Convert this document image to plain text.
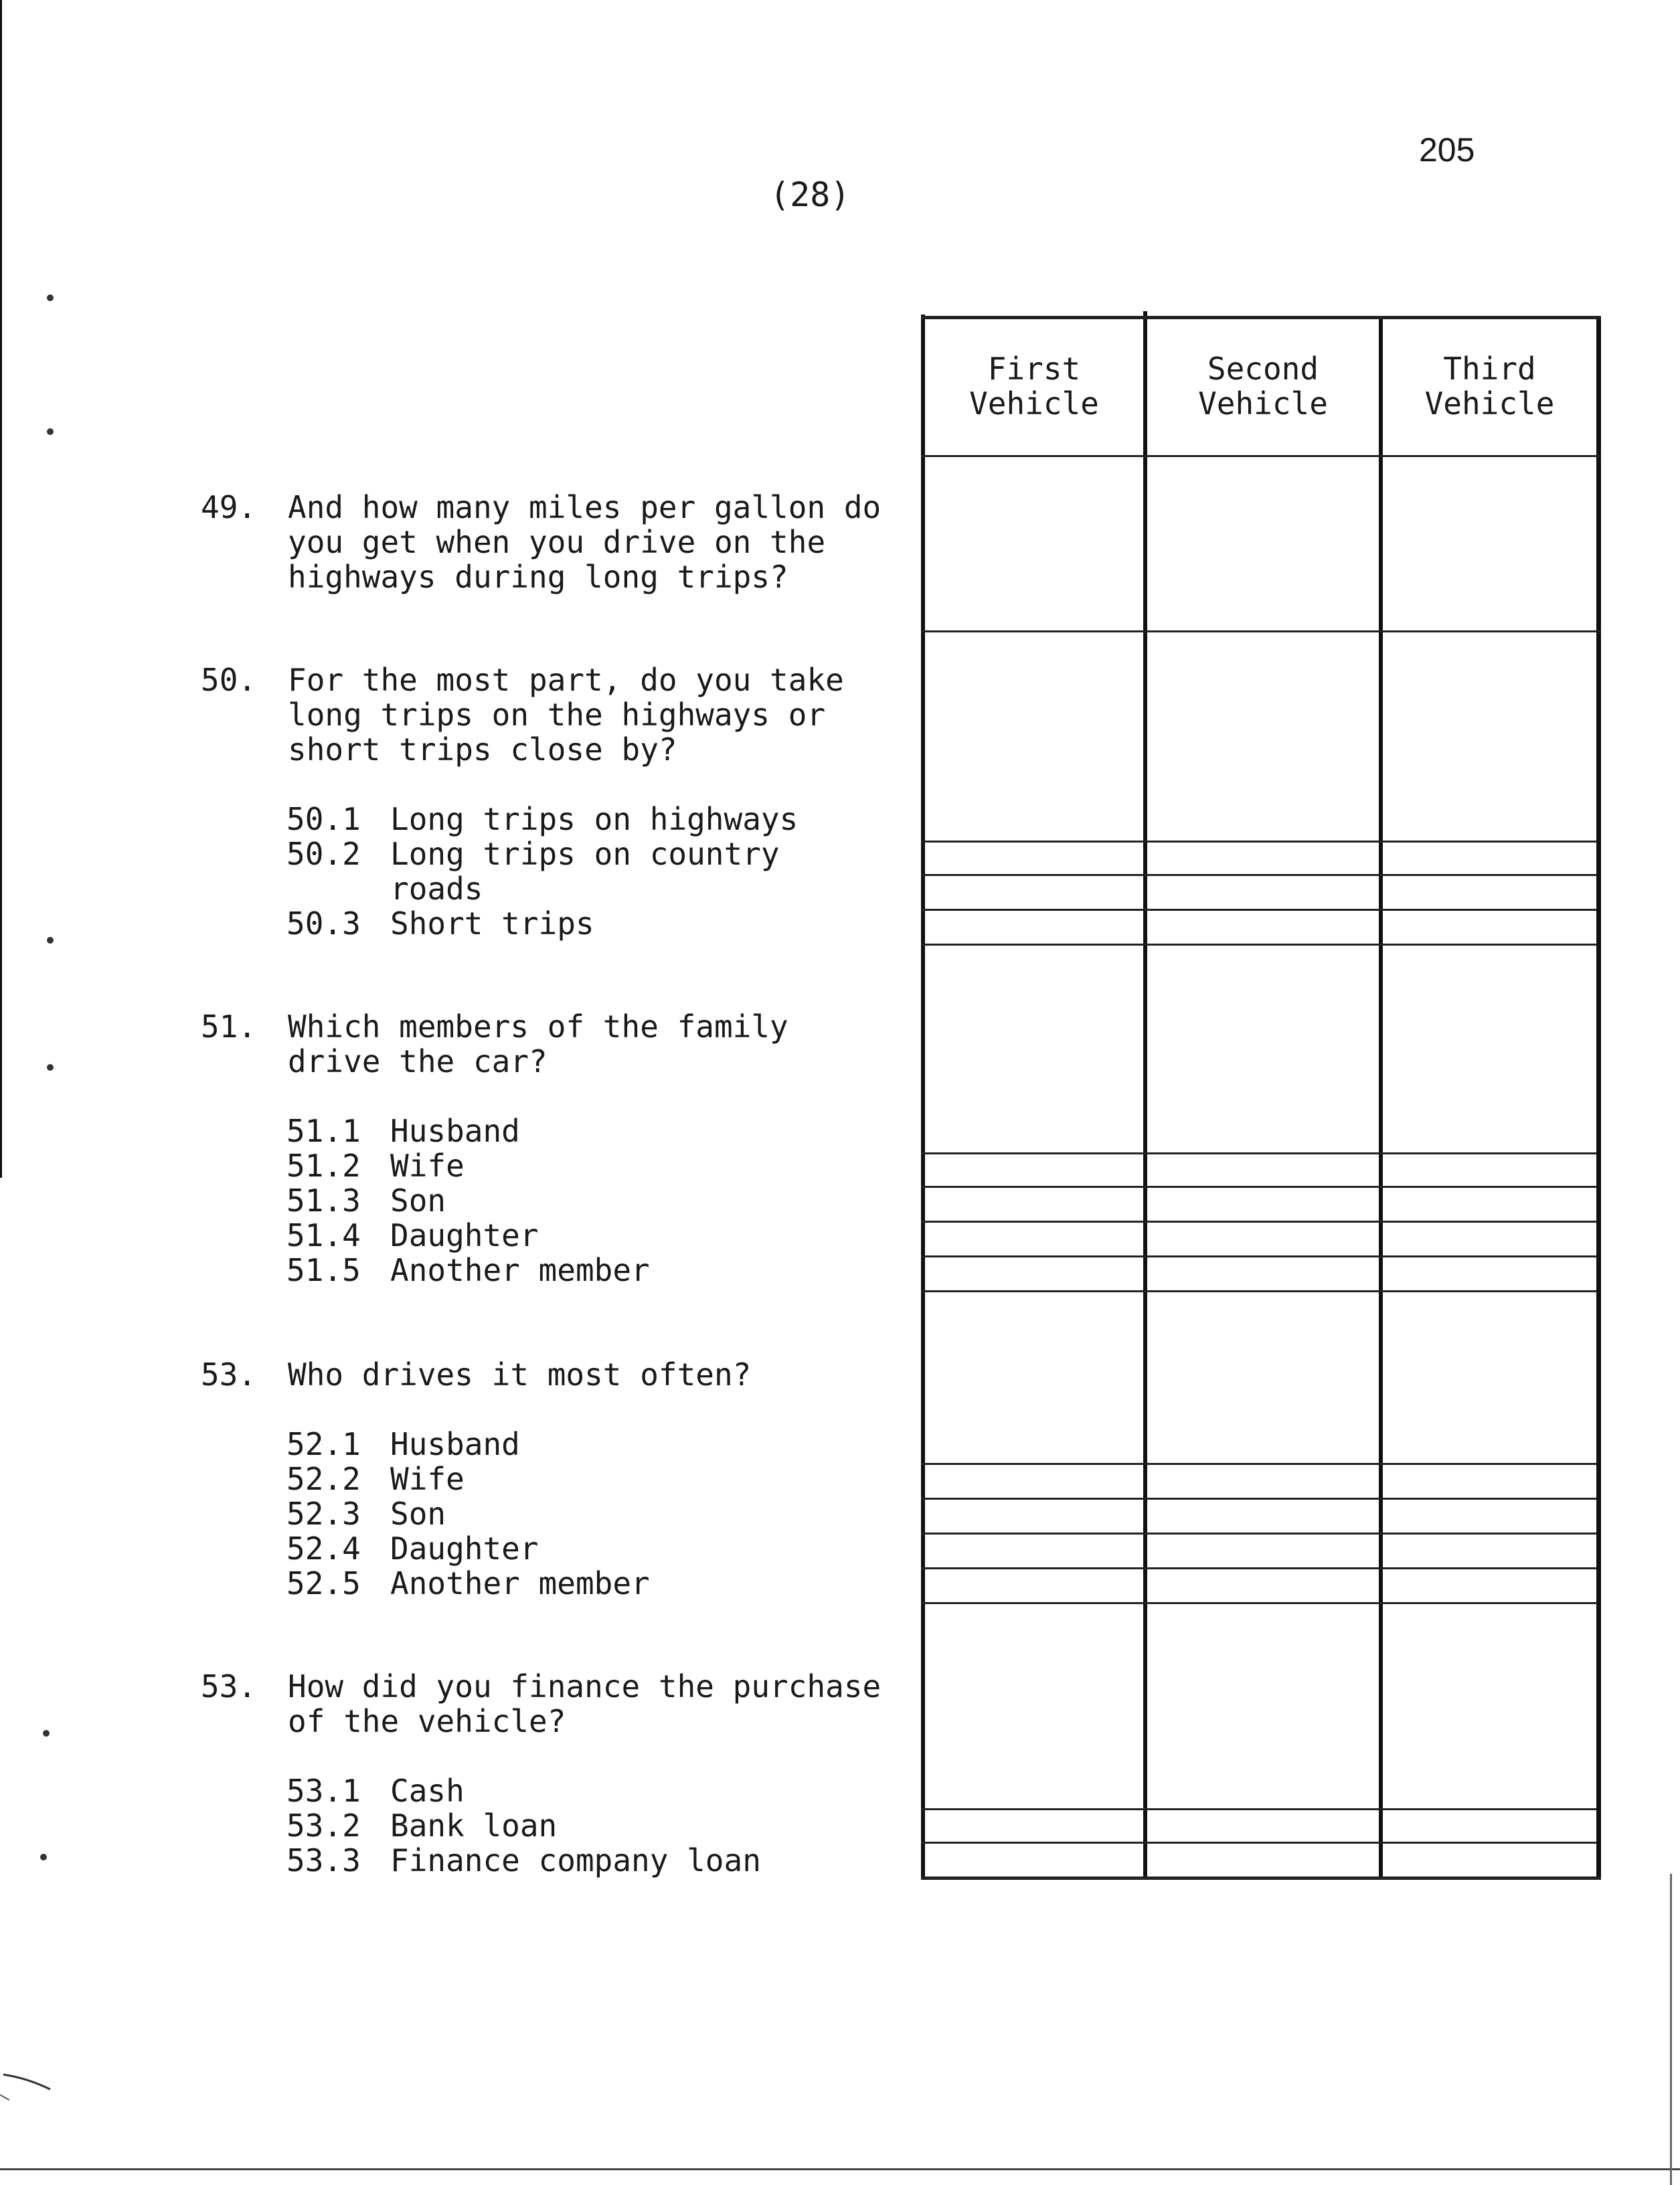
205
(28)
49. And how many miles per gallon do
you get when you drive on the
highways during long trips?
50. For the most part, do you take
long trips on the highways or
short trips close by?
50.1 Long trips on highways
50.2 Long trips on country
roads
50.3 Short trips
51. Which members of the family
drive the car?
51.1 Husband
51.2 Wife
51.3 Son
51.4 Daughter
51.5 Another member
53. Who drives it most often?
52.1 Husband
52.2 Wife
52.3 Son
52.4 Daughter
52.5 Another member
53. How did you finance the purchase
of the vehicle?
53.1 Cash
53.2 Bank loan
53.3 Finance company loan
First
Vehicle
Second
Vehicle
Third
Vehicle
